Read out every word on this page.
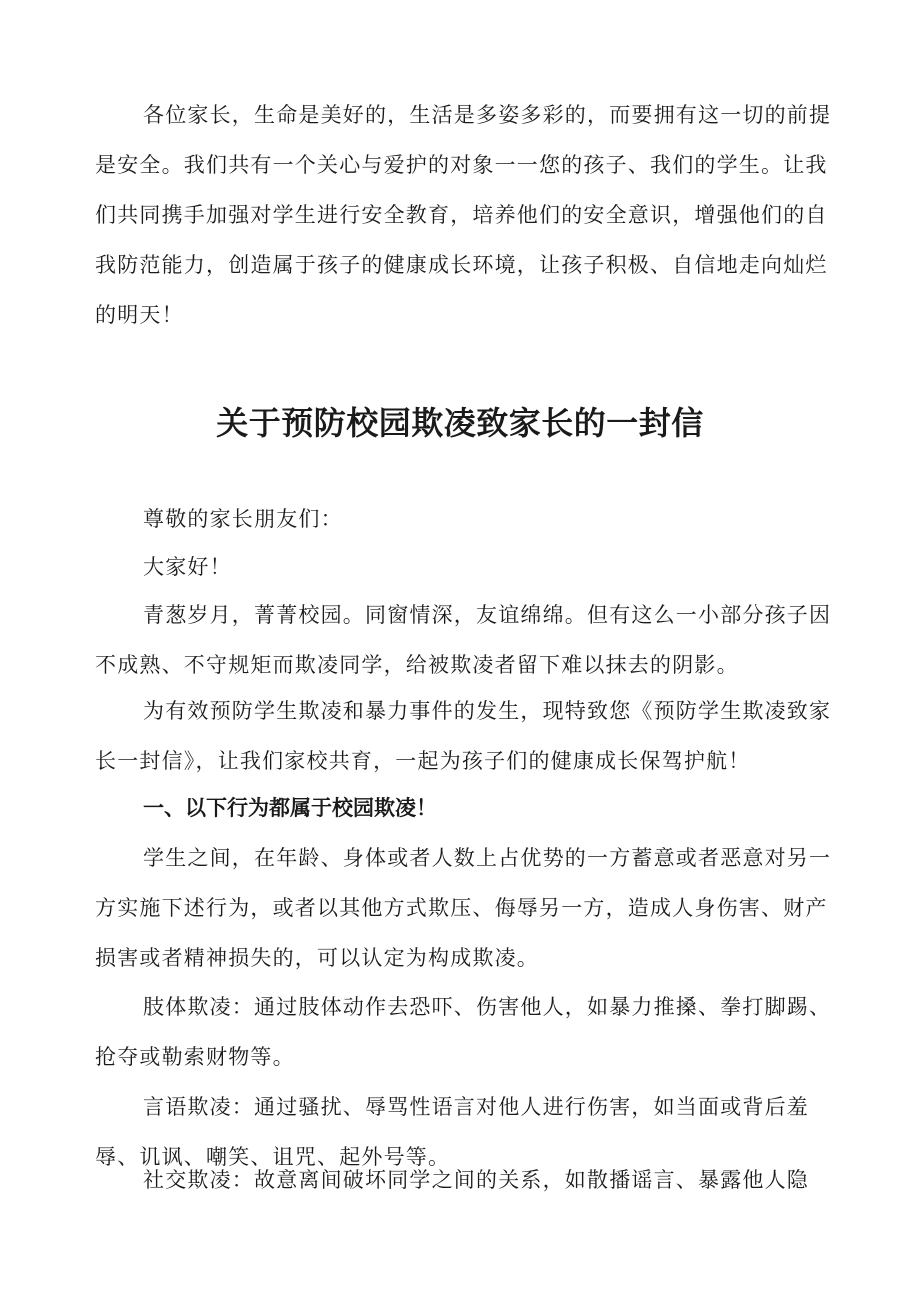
各位家长，生命是美好的，生活是多姿多彩的，而要拥有这一切的前提是安全。我们共有一个关心与爱护的对象一一您的孩子、我们的学生。让我们共同携手加强对学生进行安全教育，培养他们的安全意识，增强他们的自我防范能力，创造属于孩子的健康成长环境，让孩子积极、自信地走向灿烂的明天！

关于预防校园欺凌致家长的一封信

尊敬的家长朋友们：

大家好！

青葱岁月，菁菁校园。同窗情深，友谊绵绵。但有这么一小部分孩子因不成熟、不守规矩而欺凌同学，给被欺凌者留下难以抹去的阴影。

为有效预防学生欺凌和暴力事件的发生，现特致您《预防学生欺凌致家长一封信》，让我们家校共育，一起为孩子们的健康成长保驾护航！

一、以下行为都属于校园欺凌！

学生之间，在年龄、身体或者人数上占优势的一方蓄意或者恶意对另一方实施下述行为，或者以其他方式欺压、侮辱另一方，造成人身伤害、财产损害或者精神损失的，可以认定为构成欺凌。

肢体欺凌：通过肢体动作去恐吓、伤害他人，如暴力推搡、拳打脚踢、抢夺或勒索财物等。

言语欺凌：通过骚扰、辱骂性语言对他人进行伤害，如当面或背后羞辱、讥讽、嘲笑、诅咒、起外号等。

社交欺凌：故意离间破坏同学之间的关系，如散播谣言、暴露他人隐
